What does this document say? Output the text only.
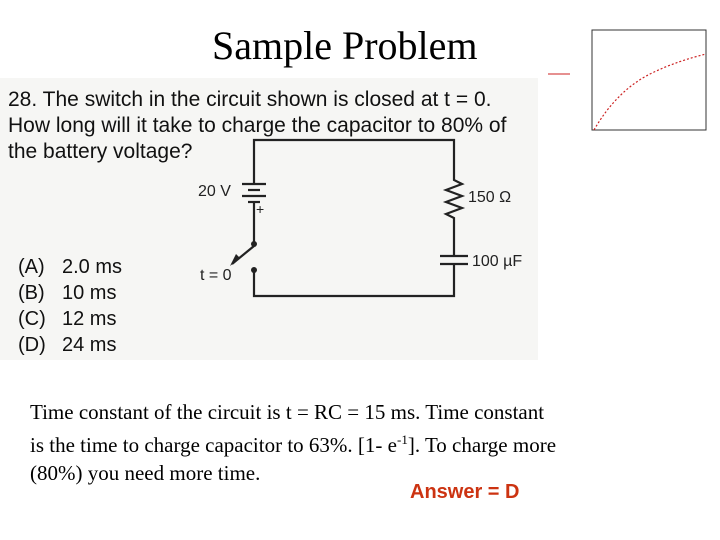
Sample Problem
28. The switch in the circuit shown is closed at t = 0.
How long will it take to charge the capacitor to 80% of
the battery voltage?
20 V
+
150 Ω
100 µF
t = 0
(A) 2.0 ms
(B) 10 ms
(C) 12 ms
(D) 24 ms
Time constant of the circuit is t = RC = 15 ms. Time constant
is the time to charge capacitor to 63%. [1- $e^{-1}$]. To charge more
(80%) you need more time.
Answer = D
